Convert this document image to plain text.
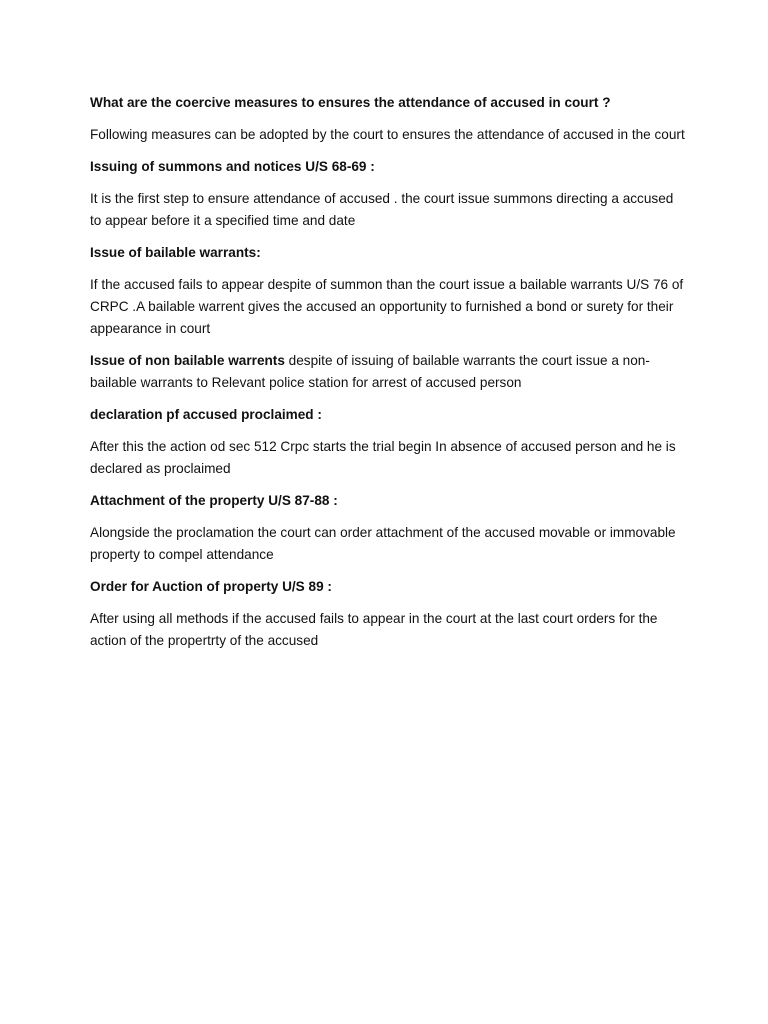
What are the coercive measures to ensures the attendance of accused in court ?

Following measures can be adopted by the court to ensures the attendance of accused in the court

Issuing of summons and notices U/S 68-69 :

It is the first step to ensure attendance of accused . the court issue summons directing a accused to appear before it a specified time and date

Issue of bailable warrants:

If the accused fails to appear despite of summon than the court issue a bailable warrants U/S 76 of CRPC .A bailable warrent gives the accused an opportunity to furnished a bond or surety for their appearance in court

Issue of non bailable warrents despite of issuing of bailable warrants the court issue a non- bailable warrants to Relevant police station for arrest of accused person

declaration pf accused proclaimed :

After this the action od sec 512 Crpc starts the trial begin In absence of accused person and he is declared as proclaimed

Attachment of the property U/S 87-88 :

Alongside the proclamation the court can order attachment of the accused movable or immovable property to compel attendance

Order for Auction of property U/S 89 :

After using all methods if the accused fails to appear in the court at the last court orders for the action of the propertrty of the accused
